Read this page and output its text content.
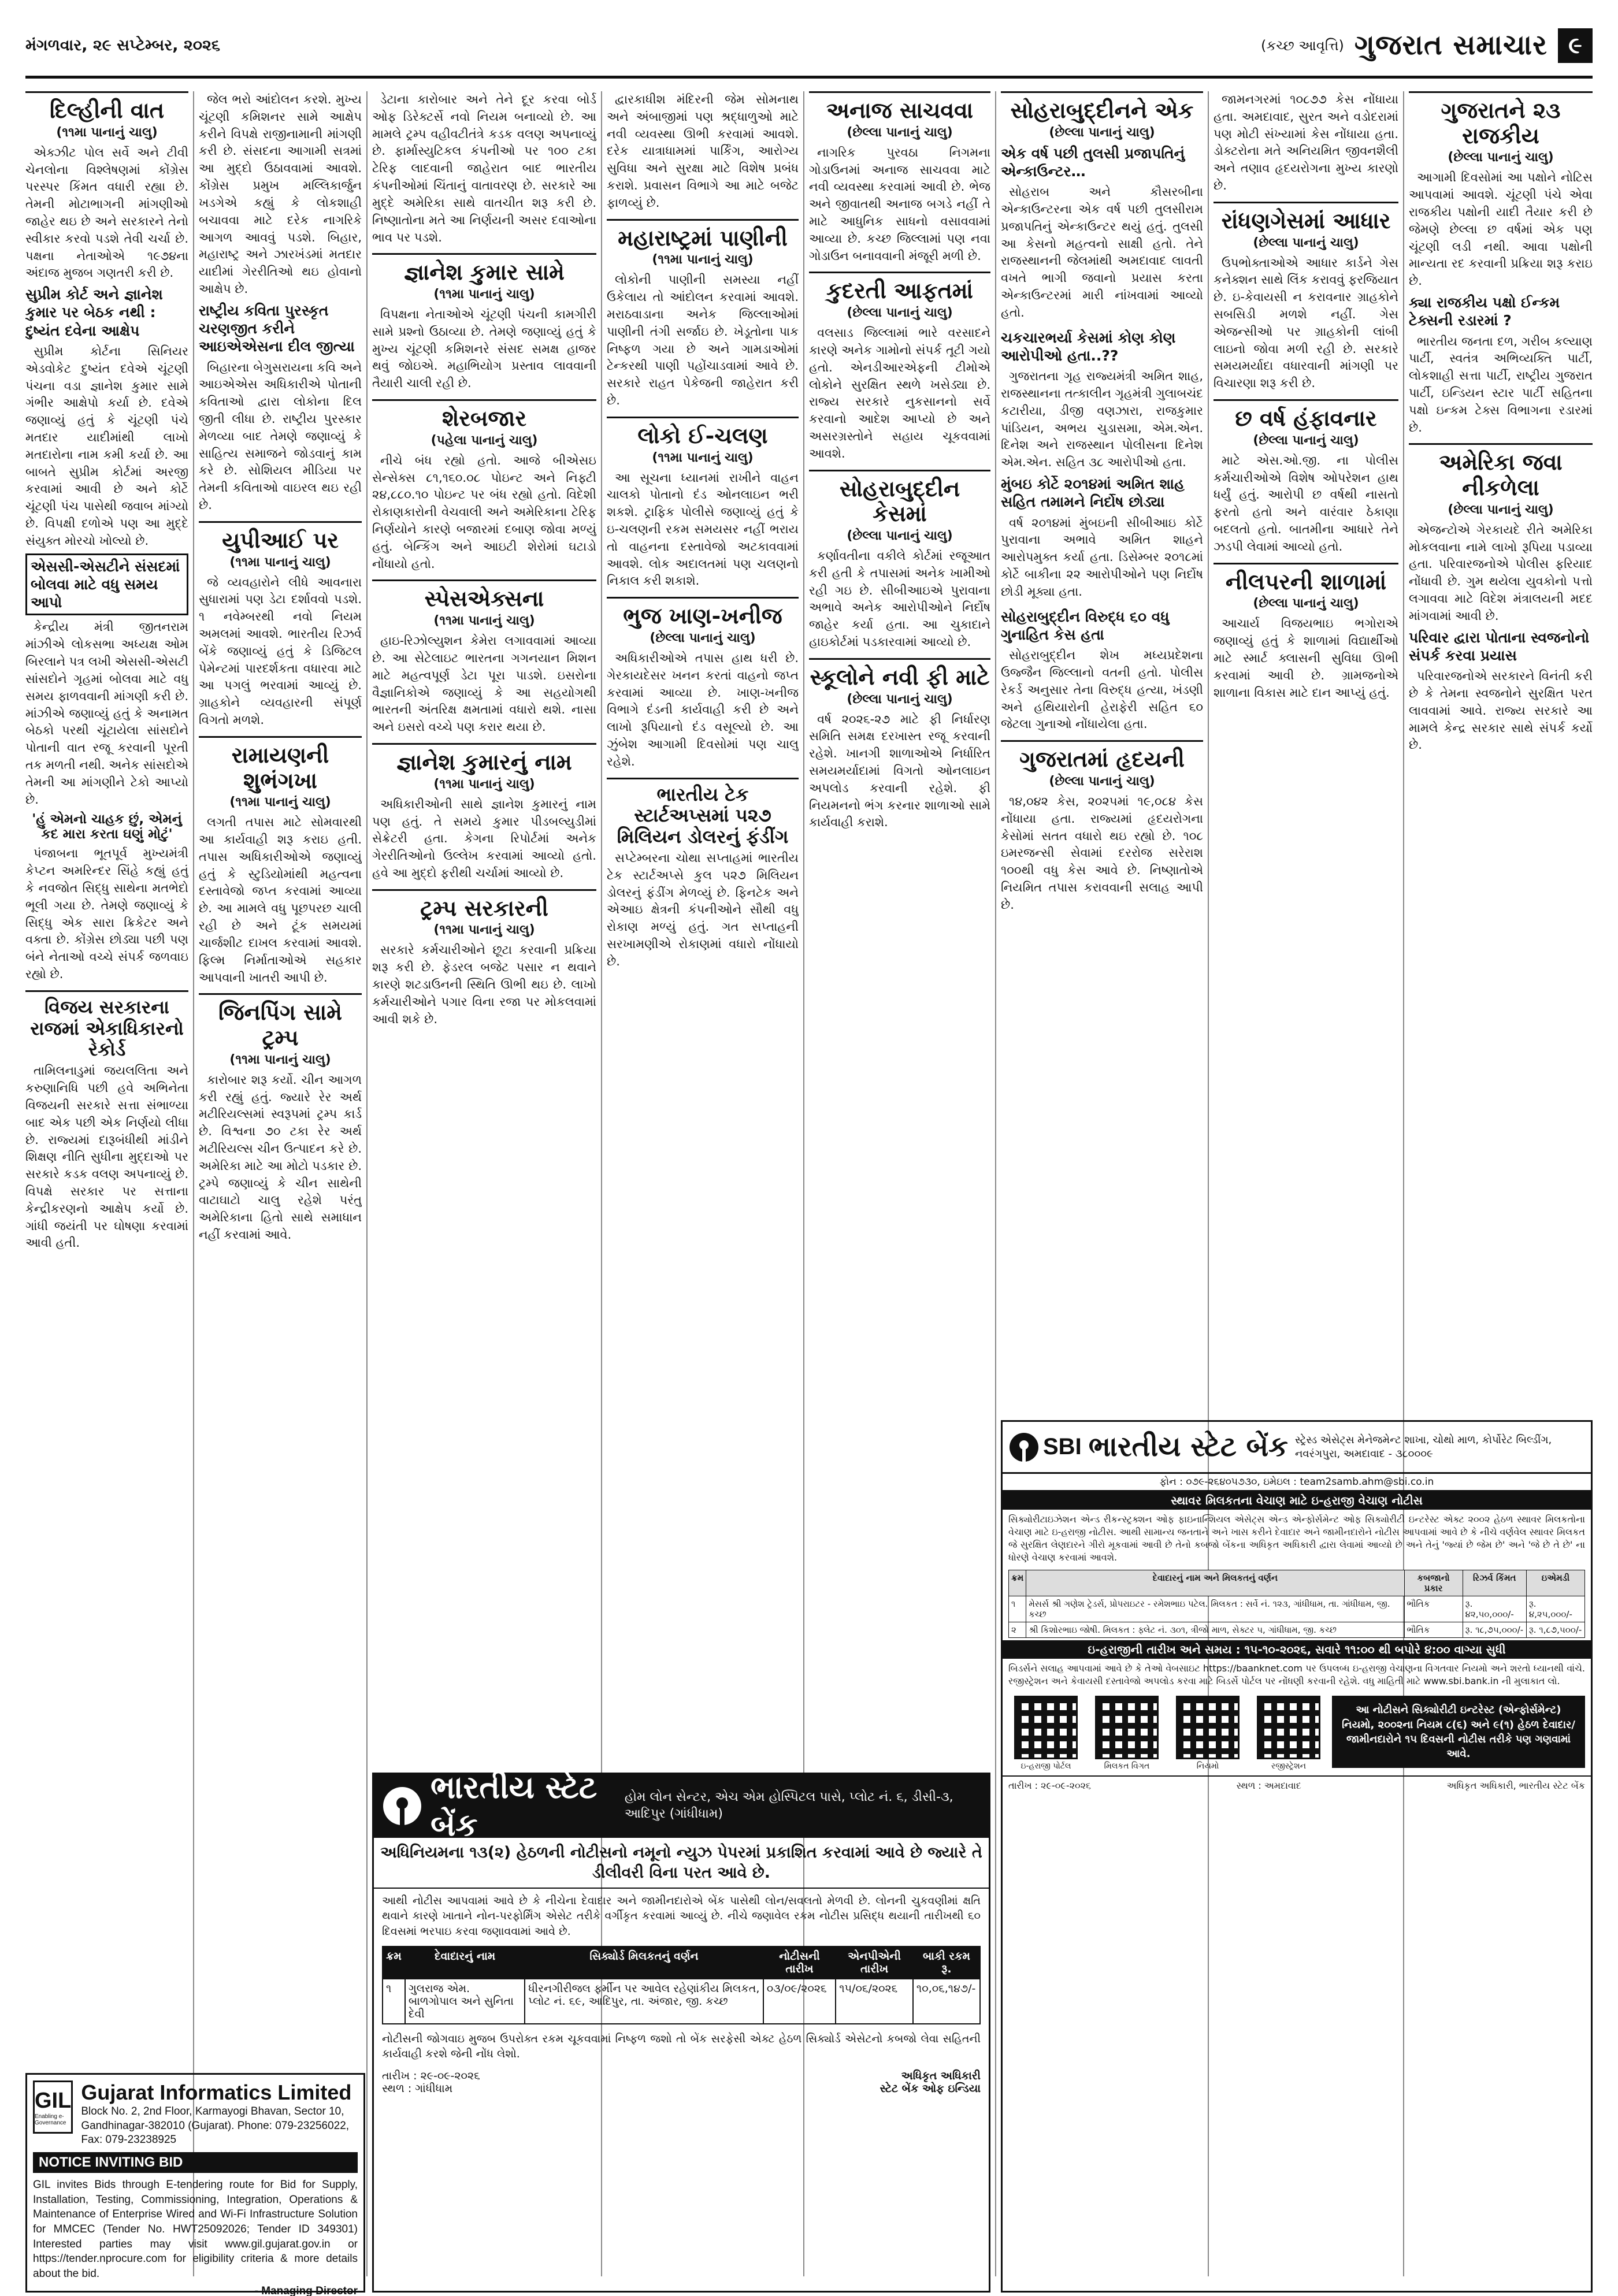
મંગળવાર, ૨૯ સપ્ટેમ્બર, ૨૦૨૬	(કચ્છ આવૃત્તિ) ગુજરાત સમાચાર ૯
દિલ્હીની વાત
(૧૧મા પાનાનું ચાલુ)

એક્ઝીટ પોલ સર્વે અને ટીવી ચેનલોના વિશ્લેષણમાં કોંગ્રેસ પરસ્પર કિંમત વધારી રહ્યા છે. તેમની મોટાભાગની માંગણીઓ જાહેર થઇ છે અને સરકારને તેનો સ્વીકાર કરવો પડશે તેવી ચર્ચા છે. પક્ષના નેતાઓએ ૧૯૭૪ના અંદાજ મુજબ ગણતરી કરી છે.

સુપ્રીમ કોર્ટ અને જ્ઞાનેશ કુમાર પર બેઠક નથી : દુષ્યંત દવેના આક્ષેપ

સુપ્રીમ કોર્ટના સિનિયર એડવોકેટ દુષ્યંત દવેએ ચૂંટણી પંચના વડા જ્ઞાનેશ કુમાર સામે ગંભીર આક્ષેપો કર્યા છે. દવેએ જણાવ્યું હતું કે ચૂંટણી પંચે મતદાર યાદીમાંથી લાખો મતદારોના નામ કમી કર્યા છે. આ બાબતે સુપ્રીમ કોર્ટમાં અરજી કરવામાં આવી છે અને કોર્ટે ચૂંટણી પંચ પાસેથી જવાબ માંગ્યો છે. વિપક્ષી દળોએ પણ આ મુદ્દે સંયુક્ત મોરચો ખોલ્યો છે.

એસસી-એસટીને સંસદમાં બોલવા માટે વધુ સમય આપો

કેન્દ્રીય મંત્રી જીતનરામ માંઝીએ લોકસભા અધ્યક્ષ ઓમ બિરલાને પત્ર લખી એસસી-એસટી સાંસદોને ગૃહમાં બોલવા માટે વધુ સમય ફાળવવાની માંગણી કરી છે. માંઝીએ જણાવ્યું હતું કે અનામત બેઠકો પરથી ચૂંટાયેલા સાંસદોને પોતાની વાત રજૂ કરવાની પૂરતી તક મળતી નથી. અનેક સાંસદોએ તેમની આ માંગણીને ટેકો આપ્યો છે.

'હું એમનો ચાહક છું, એમનું કદ મારા કરતા ઘણું મોટું'

પંજાબના ભૂતપૂર્વ મુખ્યમંત્રી કેપ્ટન અમરિન્દર સિંહે કહ્યું હતું કે નવજોત સિદ્ધુ સાથેના મતભેદો ભૂલી ગયા છે. તેમણે જણાવ્યું કે સિદ્ધુ એક સારા ક્રિકેટર અને વક્તા છે. કોંગ્રેસ છોડ્યા પછી પણ બંને નેતાઓ વચ્ચે સંપર્ક જળવાઇ રહ્યો છે.

વિજય સરકારના રાજમાં એકાધિકારનો રેકોર્ડ

તામિલનાડુમાં જયલલિતા અને કરુણાનિધિ પછી હવે અભિનેતા વિજયની સરકારે સત્તા સંભાળ્યા બાદ એક પછી એક નિર્ણયો લીધા છે. રાજ્યમાં દારૂબંધીથી માંડીને શિક્ષણ નીતિ સુધીના મુદ્દાઓ પર સરકારે કડક વલણ અપનાવ્યું છે. વિપક્ષે સરકાર પર સત્તાના કેન્દ્રીકરણનો આક્ષેપ કર્યો છે. ગાંધી જયંતી પર ઘોષણા કરવામાં આવી હતી.

જેલ ભરો આંદોલન કરશે. મુખ્ય ચૂંટણી કમિશનર સામે આક્ષેપ કરીને વિપક્ષે રાજીનામાની માંગણી કરી છે. સંસદના આગામી સત્રમાં આ મુદ્દો ઉઠાવવામાં આવશે. કોંગ્રેસ પ્રમુખ મલ્લિકાર્જુન ખડગેએ કહ્યું કે લોકશાહી બચાવવા માટે દરેક નાગરિકે આગળ આવવું પડશે. બિહાર, મહારાષ્ટ્ર અને ઝારખંડમાં મતદાર યાદીમાં ગેરરીતિઓ થઇ હોવાનો આક્ષેપ છે.

રાષ્ટ્રીય કવિતા પુરસ્કૃત ચરણજીત કરીને આઇએએસના દીલ જીત્યા

બિહારના બેગુસરાયના કવિ અને આઇએએસ અધિકારીએ પોતાની કવિતાઓ દ્વારા લોકોના દિલ જીતી લીધા છે. રાષ્ટ્રીય પુરસ્કાર મેળવ્યા બાદ તેમણે જણાવ્યું કે સાહિત્ય સમાજને જોડવાનું કામ કરે છે. સોશિયલ મીડિયા પર તેમની કવિતાઓ વાઇરલ થઇ રહી છે.

યુપીઆઈ પર
(૧૧મા પાનાનું ચાલુ)

જે વ્યવહારોને લીધે આવનારા સુધારામાં પણ ડેટા દર્શાવવો પડશે. ૧ નવેમ્બરથી નવો નિયમ અમલમાં આવશે. ભારતીય રિઝર્વ બેંકે જણાવ્યું હતું કે ડિજિટલ પેમેન્ટમાં પારદર્શકતા વધારવા માટે આ પગલું ભરવામાં આવ્યું છે. ગ્રાહકોને વ્યવહારની સંપૂર્ણ વિગતો મળશે.

રામાયણની શુભંગખા
(૧૧મા પાનાનું ચાલુ)

લગતી તપાસ માટે સોમવારથી આ કાર્યવાહી શરૂ કરાઇ હતી. તપાસ અધિકારીઓએ જણાવ્યું હતું કે સ્ટુડિયોમાંથી મહત્વના દસ્તાવેજો જપ્ત કરવામાં આવ્યા છે. આ મામલે વધુ પૂછપરછ ચાલી રહી છે અને ટૂંક સમયમાં ચાર્જશીટ દાખલ કરવામાં આવશે. ફિલ્મ નિર્માતાઓએ સહકાર આપવાની ખાતરી આપી છે.

જિનપિંગ સામે ટ્રમ્પ
(૧૧મા પાનાનું ચાલુ)

કારોબાર શરૂ કર્યો. ચીન આગળ કરી રહ્યું હતું. જ્યારે રેર અર્થ મટીરિયલ્સમાં સ્વરૂપમાં ટ્રમ્પ કાર્ડ છે. વિશ્વના ૭૦ ટકા રેર અર્થ મટીરિયલ્સ ચીન ઉત્પાદન કરે છે. અમેરિકા માટે આ મોટો પડકાર છે. ટ્રમ્પે જણાવ્યું કે ચીન સાથેની વાટાઘાટો ચાલુ રહેશે પરંતુ અમેરિકાના હિતો સાથે સમાધાન નહીં કરવામાં આવે.

ડેટાના કારોબાર અને તેને દૂર કરવા બોર્ડ ઓફ ડિરેક્ટર્સે નવો નિયમ બનાવ્યો છે. આ મામલે ટ્રમ્પ વહીવટીતંત્રે કડક વલણ અપનાવ્યું છે. ફાર્માસ્યુટિકલ કંપનીઓ પર ૧૦૦ ટકા ટેરિફ લાદવાની જાહેરાત બાદ ભારતીય કંપનીઓમાં ચિંતાનું વાતાવરણ છે. સરકારે આ મુદ્દે અમેરિકા સાથે વાતચીત શરૂ કરી છે. નિષ્ણાતોના મતે આ નિર્ણયની અસર દવાઓના ભાવ પર પડશે.

જ્ઞાનેશ કુમાર સામે
(૧૧મા પાનાનું ચાલુ)

વિપક્ષના નેતાઓએ ચૂંટણી પંચની કામગીરી સામે પ્રશ્નો ઉઠાવ્યા છે. તેમણે જણાવ્યું હતું કે મુખ્ય ચૂંટણી કમિશનરે સંસદ સમક્ષ હાજર થવું જોઇએ. મહાભિયોગ પ્રસ્તાવ લાવવાની તૈયારી ચાલી રહી છે.

શેરબજાર
(પહેલા પાનાનું ચાલુ)

નીચે બંધ રહ્યો હતો. આજે બીએસઇ સેન્સેક્સ ૮૧,૧૬૦.૦૮ પોઇન્ટ અને નિફ્ટી ૨૪,૮૮૦.૧૦ પોઇન્ટ પર બંધ રહ્યો હતો. વિદેશી રોકાણકારોની વેચવાલી અને અમેરિકાના ટેરિફ નિર્ણયોને કારણે બજારમાં દબાણ જોવા મળ્યું હતું. બેન્કિંગ અને આઇટી શેરોમાં ઘટાડો નોંધાયો હતો.

સ્પેસએક્સના
(૧૧મા પાનાનું ચાલુ)

હાઇ-રિઝોલ્યુશન કેમેરા લગાવવામાં આવ્યા છે. આ સેટેલાઇટ ભારતના ગગનયાન મિશન માટે મહત્વપૂર્ણ ડેટા પૂરા પાડશે. ઇસરોના વૈજ્ઞાનિકોએ જણાવ્યું કે આ સહયોગથી ભારતની અંતરિક્ષ ક્ષમતામાં વધારો થશે. નાસા અને ઇસરો વચ્ચે પણ કરાર થયા છે.

જ્ઞાનેશ કુમારનું નામ
(૧૧મા પાનાનું ચાલુ)

અધિકારીઓની સાથે જ્ઞાનેશ કુમારનું નામ પણ હતું. તે સમયે કુમાર પીડબલ્યુડીમાં સેક્રેટરી હતા. કેગના રિપોર્ટમાં અનેક ગેરરીતિઓનો ઉલ્લેખ કરવામાં આવ્યો હતો. હવે આ મુદ્દો ફરીથી ચર્ચામાં આવ્યો છે.

ટ્રમ્પ સરકારની
(૧૧મા પાનાનું ચાલુ)

સરકારે કર્મચારીઓને છૂટા કરવાની પ્રક્રિયા શરૂ કરી છે. ફેડરલ બજેટ પસાર ન થવાને કારણે શટડાઉનની સ્થિતિ ઊભી થઇ છે. લાખો કર્મચારીઓને પગાર વિના રજા પર મોકલવામાં આવી શકે છે.

દ્વારકાધીશ મંદિરની જેમ સોમનાથ અને અંબાજીમાં પણ શ્રદ્ધાળુઓ માટે નવી વ્યવસ્થા ઊભી કરવામાં આવશે. દરેક યાત્રાધામમાં પાર્કિંગ, આરોગ્ય સુવિધા અને સુરક્ષા માટે વિશેષ પ્રબંધ કરાશે. પ્રવાસન વિભાગે આ માટે બજેટ ફાળવ્યું છે.

મહારાષ્ટ્રમાં પાણીની
(૧૧મા પાનાનું ચાલુ)

લોકોની પાણીની સમસ્યા નહીં ઉકેલાય તો આંદોલન કરવામાં આવશે. મરાઠવાડાના અનેક જિલ્લાઓમાં પાણીની તંગી સર્જાઇ છે. ખેડૂતોના પાક નિષ્ફળ ગયા છે અને ગામડાઓમાં ટેન્કરથી પાણી પહોંચાડવામાં આવે છે. સરકારે રાહત પેકેજની જાહેરાત કરી છે.

લોકો ઈ-ચલણ
(૧૧મા પાનાનું ચાલુ)

આ સૂચના ધ્યાનમાં રાખીને વાહન ચાલકો પોતાનો દંડ ઓનલાઇન ભરી શકશે. ટ્રાફિક પોલીસે જણાવ્યું હતું કે ઇ-ચલણની રકમ સમયસર નહીં ભરાય તો વાહનના દસ્તાવેજો અટકાવવામાં આવશે. લોક અદાલતમાં પણ ચલણનો નિકાલ કરી શકાશે.

ભુજ ખાણ-ખનીજ
(છેલ્લા પાનાનું ચાલુ)

અધિકારીઓએ તપાસ હાથ ધરી છે. ગેરકાયદેસર ખનન કરતાં વાહનો જપ્ત કરવામાં આવ્યા છે. ખાણ-ખનીજ વિભાગે દંડની કાર્યવાહી કરી છે અને લાખો રૂપિયાનો દંડ વસૂલ્યો છે. આ ઝુંબેશ આગામી દિવસોમાં પણ ચાલુ રહેશે.

ભારતીય ટેક સ્ટાર્ટઅપ્સમાં ૫૨૭ મિલિયન ડોલરનું ફંડીંગ

સપ્ટેમ્બરના ચોથા સપ્તાહમાં ભારતીય ટેક સ્ટાર્ટઅપ્સે કુલ ૫૨૭ મિલિયન ડોલરનું ફંડીંગ મેળવ્યું છે. ફિનટેક અને એઆઇ ક્ષેત્રની કંપનીઓને સૌથી વધુ રોકાણ મળ્યું હતું. ગત સપ્તાહની સરખામણીએ રોકાણમાં વધારો નોંધાયો છે.

અનાજ સાચવવા
(છેલ્લા પાનાનું ચાલુ)

નાગરિક પુરવઠા નિગમના ગોડાઉનમાં અનાજ સાચવવા માટે નવી વ્યવસ્થા કરવામાં આવી છે. ભેજ અને જીવાતથી અનાજ બગડે નહીં તે માટે આધુનિક સાધનો વસાવવામાં આવ્યા છે. કચ્છ જિલ્લામાં પણ નવા ગોડાઉન બનાવવાની મંજૂરી મળી છે.

કુદરતી આફતમાં
(છેલ્લા પાનાનું ચાલુ)

વલસાડ જિલ્લામાં ભારે વરસાદને કારણે અનેક ગામોનો સંપર્ક તૂટી ગયો હતો. એનડીઆરએફની ટીમોએ લોકોને સુરક્ષિત સ્થળે ખસેડ્યા છે. રાજ્ય સરકારે નુકસાનનો સર્વે કરવાનો આદેશ આપ્યો છે અને અસરગ્રસ્તોને સહાય ચૂકવવામાં આવશે.

સોહરાબુદ્દીન કેસમાં
(છેલ્લા પાનાનું ચાલુ)

કર્ણાવતીના વકીલે કોર્ટમાં રજૂઆત કરી હતી કે તપાસમાં અનેક ખામીઓ રહી ગઇ છે. સીબીઆઇએ પુરાવાના અભાવે અનેક આરોપીઓને નિર્દોષ જાહેર કર્યા હતા. આ ચુકાદાને હાઇકોર્ટમાં પડકારવામાં આવ્યો છે.

સ્કૂલોને નવી ફી માટે
(છેલ્લા પાનાનું ચાલુ)

વર્ષ ૨૦૨૬-૨૭ માટે ફી નિર્ધારણ સમિતિ સમક્ષ દરખાસ્ત રજૂ કરવાની રહેશે. ખાનગી શાળાઓએ નિર્ધારિત સમયમર્યાદામાં વિગતો ઓનલાઇન અપલોડ કરવાની રહેશે. ફી નિયમનનો ભંગ કરનાર શાળાઓ સામે કાર્યવાહી કરાશે.

સોહરાબુદ્દીનને એક
(છેલ્લા પાનાનું ચાલુ)
એક વર્ષ પછી તુલસી પ્રજાપતિનું એન્કાઉન્ટર…

સોહરાબ અને કૌસરબીના એન્કાઉન્ટરના એક વર્ષ પછી તુલસીરામ પ્રજાપતિનું એન્કાઉન્ટર થયું હતું. તુલસી આ કેસનો મહત્વનો સાક્ષી હતો. તેને રાજસ્થાનની જેલમાંથી અમદાવાદ લાવતી વખતે ભાગી જવાનો પ્રયાસ કરતા એન્કાઉન્ટરમાં મારી નાંખવામાં આવ્યો હતો.

ચકચારભર્યા કેસમાં કોણ કોણ આરોપીઓ હતા..??

ગુજરાતના ગૃહ રાજ્યમંત્રી અમિત શાહ, રાજસ્થાનના તત્કાલીન ગૃહમંત્રી ગુલાબચંદ કટારીયા, ડીજી વણઝારા, રાજકુમાર પાંડિયન, અભય ચુડાસમા, એમ.એન. દિનેશ અને રાજસ્થાન પોલીસના દિનેશ એમ.એન. સહિત ૩૮ આરોપીઓ હતા.

મુંબઇ કોર્ટે ૨૦૧૪માં અમિત શાહ સહિત તમામને નિર્દોષ છોડ્યા

વર્ષ ૨૦૧૪માં મુંબઇની સીબીઆઇ કોર્ટે પુરાવાના અભાવે અમિત શાહને આરોપમુક્ત કર્યા હતા. ડિસેમ્બર ૨૦૧૮માં કોર્ટે બાકીના ૨૨ આરોપીઓને પણ નિર્દોષ છોડી મૂક્યા હતા.

સોહરાબુદ્દીન વિરુદ્ધ ૬૦ વધુ ગુનાહિત કેસ હતા

સોહરાબુદ્દીન શેખ મધ્યપ્રદેશના ઉજ્જૈન જિલ્લાનો વતની હતો. પોલીસ રેકર્ડ અનુસાર તેના વિરુદ્ધ હત્યા, ખંડણી અને હથિયારોની હેરાફેરી સહિત ૬૦ જેટલા ગુનાઓ નોંધાયેલા હતા.

ગુજરાતમાં હૃદયની
(છેલ્લા પાનાનું ચાલુ)

૧૪,૦૪૨ કેસ, ૨૦૨૫માં ૧૯,૦૮૪ કેસ નોંધાયા હતા. રાજ્યમાં હૃદયરોગના કેસોમાં સતત વધારો થઇ રહ્યો છે. ૧૦૮ ઇમરજન્સી સેવામાં દરરોજ સરેરાશ ૧૦૦થી વધુ કેસ આવે છે. નિષ્ણાતોએ નિયમિત તપાસ કરાવવાની સલાહ આપી છે.

જામનગરમાં ૧૦૮૭૭ કેસ નોંધાયા હતા. અમદાવાદ, સુરત અને વડોદરામાં પણ મોટી સંખ્યામાં કેસ નોંધાયા હતા. ડોક્ટરોના મતે અનિયમિત જીવનશૈલી અને તણાવ હૃદયરોગના મુખ્ય કારણો છે.

રાંધણગેસમાં આધાર
(છેલ્લા પાનાનું ચાલુ)

ઉપભોક્તાઓએ આધાર કાર્ડને ગેસ કનેક્શન સાથે લિંક કરાવવું ફરજિયાત છે. ઇ-કેવાયસી ન કરાવનાર ગ્રાહકોને સબસિડી મળશે નહીં. ગેસ એજન્સીઓ પર ગ્રાહકોની લાંબી લાઇનો જોવા મળી રહી છે. સરકારે સમયમર્યાદા વધારવાની માંગણી પર વિચારણા શરૂ કરી છે.

છ વર્ષ હંફાવનાર
(છેલ્લા પાનાનું ચાલુ)

માટે એસ.ઓ.જી. ના પોલીસ કર્મચારીઓએ વિશેષ ઓપરેશન હાથ ધર્યું હતું. આરોપી છ વર્ષથી નાસતો ફરતો હતો અને વારંવાર ઠેકાણા બદલતો હતો. બાતમીના આધારે તેને ઝડપી લેવામાં આવ્યો હતો.

નીલપરની શાળામાં
(છેલ્લા પાનાનું ચાલુ)

આચાર્ય વિજયભાઇ ભગોરાએ જણાવ્યું હતું કે શાળામાં વિદ્યાર્થીઓ માટે સ્માર્ટ ક્લાસની સુવિધા ઊભી કરવામાં આવી છે. ગ્રામજનોએ શાળાના વિકાસ માટે દાન આપ્યું હતું.

ગુજરાતને ૨૩ રાજકીય
(છેલ્લા પાનાનું ચાલુ)

આગામી દિવસોમાં આ પક્ષોને નોટિસ આપવામાં આવશે. ચૂંટણી પંચે એવા રાજકીય પક્ષોની યાદી તૈયાર કરી છે જેમણે છેલ્લા છ વર્ષમાં એક પણ ચૂંટણી લડી નથી. આવા પક્ષોની માન્યતા રદ કરવાની પ્રક્રિયા શરૂ કરાઇ છે.

ક્યા રાજકીય પક્ષો ઈન્કમ ટેક્સની રડારમાં ?

ભારતીય જનતા દળ, ગરીબ કલ્યાણ પાર્ટી, સ્વતંત્ર અભિવ્યક્તિ પાર્ટી, લોકશાહી સત્તા પાર્ટી, રાષ્ટ્રીય ગુજરાત પાર્ટી, ઇન્ડિયન સ્ટાર પાર્ટી સહિતના પક્ષો ઇન્કમ ટેક્સ વિભાગના રડારમાં છે.

અમેરિકા જવા નીકળેલા
(છેલ્લા પાનાનું ચાલુ)

એજન્ટોએ ગેરકાયદે રીતે અમેરિકા મોકલવાના નામે લાખો રૂપિયા પડાવ્યા હતા. પરિવારજનોએ પોલીસ ફરિયાદ નોંધાવી છે. ગુમ થયેલા યુવકોનો પત્તો લગાવવા માટે વિદેશ મંત્રાલયની મદદ માંગવામાં આવી છે.

પરિવાર દ્વારા પોતાના સ્વજનોનો સંપર્ક કરવા પ્રયાસ

પરિવારજનોએ સરકારને વિનંતી કરી છે કે તેમના સ્વજનોને સુરક્ષિત પરત લાવવામાં આવે. રાજ્ય સરકારે આ મામલે કેન્દ્ર સરકાર સાથે સંપર્ક કર્યો છે.

GIL
Enabling e-Governance
Gujarat Informatics Limited
Block No. 2, 2nd Floor, Karmayogi Bhavan, Sector 10, Gandhinagar-382010 (Gujarat). Phone: 079-23256022, Fax: 079-23238925
NOTICE INVITING BID
GIL invites Bids through E-tendering route for Bid for Supply, Installation, Testing, Commissioning, Integration, Operations & Maintenance of Enterprise Wired and Wi-Fi Infrastructure Solution for MMCEC (Tender No. HWT25092026; Tender ID 349301) Interested parties may visit www.gil.gujarat.gov.in or https://tender.nprocure.com for eligibility criteria & more details about the bid.
- Managing Director
ભારતીય સ્ટેટ બેંક
હોમ લોન સેન્ટર, એચ એમ હોસ્પિટલ પાસે, પ્લોટ નં. ૬, ડીસી-૩, આદિપુર (ગાંધીધામ)
અધિનિયમના ૧૩(૨) હેઠળની નોટીસનો નમૂનો ન્યુઝ પેપરમાં પ્રકાશિત કરવામાં આવે છે જ્યારે તે ડીલીવરી વિના પરત આવે છે.
આથી નોટીસ આપવામાં આવે છે કે નીચેના દેવાદાર અને જામીનદારોએ બેંક પાસેથી લોન/સવલતો મેળવી છે. લોનની ચુકવણીમાં ક્ષતિ થવાને કારણે ખાતાને નોન-પરફોર્મિંગ એસેટ તરીકે વર્ગીકૃત કરવામાં આવ્યું છે. નીચે જણાવેલ રકમ નોટીસ પ્રસિદ્ધ થયાની તારીખથી ૬૦ દિવસમાં ભરપાઇ કરવા જણાવવામાં આવે છે.
ક્રમ	દેવાદારનું નામ	સિક્યોર્ડ મિલકતનું વર્ણન	નોટીસની તારીખ	એનપીએની તારીખ	બાકી રકમ રૂ.
૧	ગુલરાજ એમ. બાળગોપાલ અને સુનિતા દેવી	ધીરનગીરીજલ ફર્મીન પર આવેલ રહેણાંકીય મિલકત, પ્લોટ નં. ૬૯, આદિપુર, તા. અંજાર, જી. કચ્છ	૦૩/૦૯/૨૦૨૬	૧૫/૦૬/૨૦૨૬	૧૦,૦૬,૧૪૭/-
નોટીસની જોગવાઇ મુજબ ઉપરોક્ત રકમ ચૂકવવામાં નિષ્ફળ જશો તો બેંક સરફેસી એક્ટ હેઠળ સિક્યોર્ડ એસેટનો કબજો લેવા સહિતની કાર્યવાહી કરશે જેની નોંધ લેશો.
તારીખ : ૨૯-૦૯-૨૦૨૬
સ્થળ : ગાંધીધામ
અધિકૃત અધિકારી
સ્ટેટ બેંક ઓફ ઇન્ડિયા
SBI ભારતીય સ્ટેટ બેંક સ્ટ્રેસ્ડ એસેટ્સ મેનેજમેન્ટ શાખા, ચોથો માળ, કોર્પોરેટ બિલ્ડીંગ, નવરંગપુરા, અમદાવાદ - ૩૮૦૦૦૯
ફોન : ૦૭૯-૨૬૪૦૫૭૩૦, ઇમેઇલ : team2samb.ahm@sbi.co.in
સ્થાવર મિલકતના વેચાણ માટે ઇ-હરાજી વેચાણ નોટીસ
સિક્યોરીટાઇઝેશન એન્ડ રીકન્સ્ટ્રક્શન ઓફ ફાઇનાન્શિયલ એસેટ્સ એન્ડ એન્ફોર્સમેન્ટ ઓફ સિક્યોરીટી ઇન્ટરેસ્ટ એક્ટ ૨૦૦૨ હેઠળ સ્થાવર મિલકતોના વેચાણ માટે ઇ-હરાજી નોટીસ. આથી સામાન્ય જનતાને અને ખાસ કરીને દેવાદાર અને જામીનદારોને નોટીસ આપવામાં આવે છે કે નીચે વર્ણવેલ સ્થાવર મિલકત જે સુરક્ષિત લેણદારને ગીરો મૂકવામાં આવી છે તેનો કબજો બેંકના અધિકૃત અધિકારી દ્વારા લેવામાં આવ્યો છે અને તેનું 'જ્યાં છે જેમ છે' અને 'જે છે તે છે' ના ધોરણે વેચાણ કરવામાં આવશે.
ક્રમ	દેવાદારનું નામ અને મિલકતનું વર્ણન	કબજાનો પ્રકાર	રિઝર્વ કિંમત	ઇએમડી
૧	મેસર્સ શ્રી ગણેશ ટ્રેડર્સ, પ્રોપરાઇટર - રમેશભાઇ પટેલ. મિલકત : સર્વે નં. ૧૨૩, ગાંધીધામ, તા. ગાંધીધામ, જી. કચ્છ	ભૌતિક	રૂ. ૪૨,૫૦,૦૦૦/-	રૂ. ૪,૨૫,૦૦૦/-
૨	શ્રી કિશોરભાઇ જોષી. મિલકત : ફ્લેટ નં. ૩૦૧, ત્રીજો માળ, સેક્ટર ૫, ગાંધીધામ, જી. કચ્છ	ભૌતિક	રૂ. ૧૮,૭૫,૦૦૦/-	રૂ. ૧,૮૭,૫૦૦/-
ઇ-હરાજીની તારીખ અને સમય : ૧૫-૧૦-૨૦૨૬, સવારે ૧૧:૦૦ થી બપોરે ૪:૦૦ વાગ્યા સુધી
બિડર્સને સલાહ આપવામાં આવે છે કે તેઓ વેબસાઇટ https://baanknet.com પર ઉપલબ્ધ ઇ-હરાજી વેચાણના વિગતવાર નિયમો અને શરતો ધ્યાનથી વાંચે. રજીસ્ટ્રેશન અને કેવાયસી દસ્તાવેજો અપલોડ કરવા માટે બિડર્સે પોર્ટલ પર નોંધણી કરવાની રહેશે. વધુ માહિતી માટે www.sbi.bank.in ની મુલાકાત લો.
ઇ-હરાજી પોર્ટલ	મિલકત વિગત	નિયમો	રજીસ્ટ્રેશન
આ નોટીસને સિક્યોરીટી ઇન્ટરેસ્ટ (એન્ફોર્સમેન્ટ) નિયમો, ૨૦૦૨ના નિયમ ૮(૬) અને ૯(૧) હેઠળ દેવાદાર/જામીનદારોને ૧૫ દિવસની નોટીસ તરીકે પણ ગણવામાં આવે.
તારીખ : ૨૯-૦૯-૨૦૨૬	સ્થળ : અમદાવાદ	અધિકૃત અધિકારી, ભારતીય સ્ટેટ બેંક
